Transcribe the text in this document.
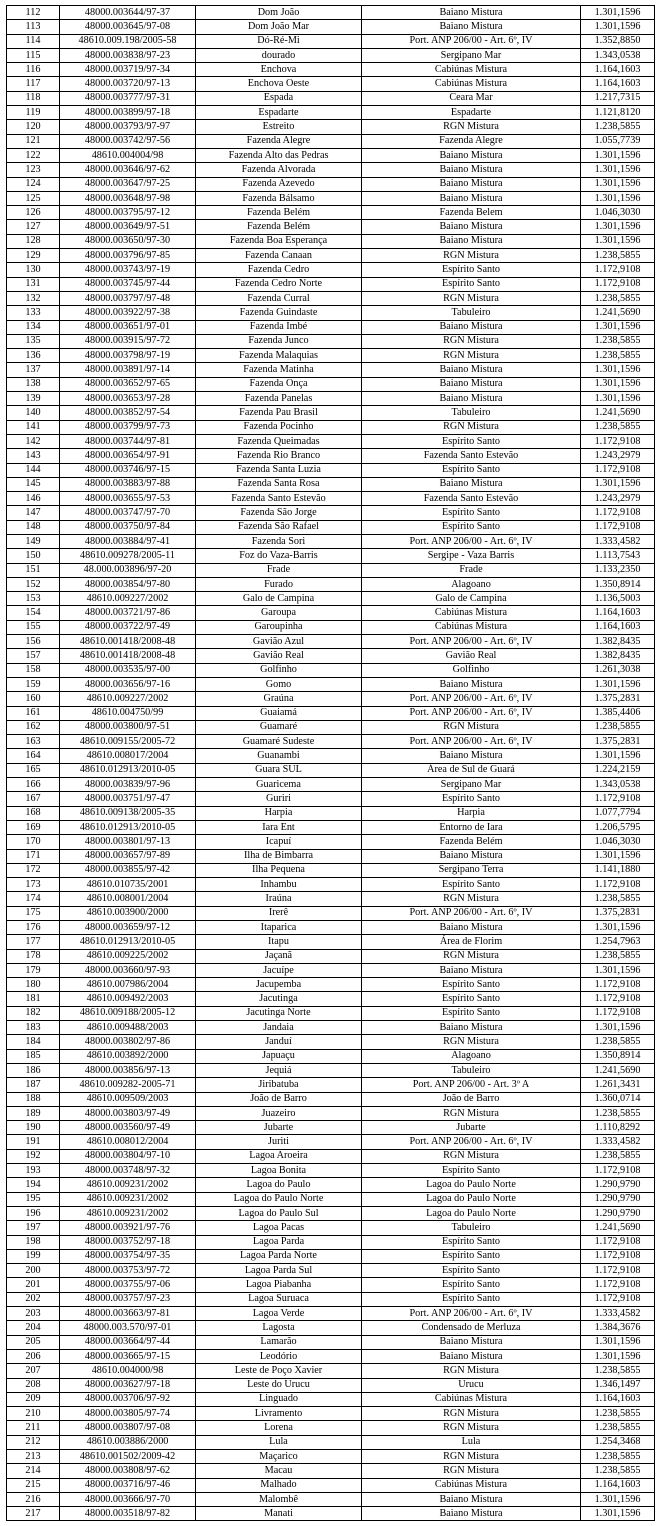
112	48000.003644/97-37	Dom João	Baiano Mistura	1.301,1596
113	48000.003645/97-08	Dom João Mar	Baiano Mistura	1.301,1596
114	48610.009.198/2005-58	Dó-Ré-Mi	Port. ANP 206/00 - Art. 6º, IV	1.352,8850
115	48000.003838/97-23	dourado	Sergipano Mar	1.343,0538
116	48000.003719/97-34	Enchova	Cabiúnas Mistura	1.164,1603
117	48000.003720/97-13	Enchova Oeste	Cabiúnas Mistura	1.164,1603
118	48000.003777/97-31	Espada	Ceara Mar	1.217,7315
119	48000.003899/97-18	Espadarte	Espadarte	1.121,8120
120	48000.003793/97-97	Estreito	RGN Mistura	1.238,5855
121	48000.003742/97-56	Fazenda Alegre	Fazenda Alegre	1.055,7739
122	48610.004004/98	Fazenda Alto das Pedras	Baiano Mistura	1.301,1596
123	48000.003646/97-62	Fazenda Alvorada	Baiano Mistura	1.301,1596
124	48000.003647/97-25	Fazenda Azevedo	Baiano Mistura	1.301,1596
125	48000.003648/97-98	Fazenda Bálsamo	Baiano Mistura	1.301,1596
126	48000.003795/97-12	Fazenda Belém	Fazenda Belem	1.046,3030
127	48000.003649/97-51	Fazenda Belém	Baiano Mistura	1.301,1596
128	48000.003650/97-30	Fazenda Boa Esperança	Baiano Mistura	1.301,1596
129	48000.003796/97-85	Fazenda Canaan	RGN Mistura	1.238,5855
130	48000.003743/97-19	Fazenda Cedro	Espírito Santo	1.172,9108
131	48000.003745/97-44	Fazenda Cedro Norte	Espírito Santo	1.172,9108
132	48000.003797/97-48	Fazenda Curral	RGN Mistura	1.238,5855
133	48000.003922/97-38	Fazenda Guindaste	Tabuleiro	1.241,5690
134	48000.003651/97-01	Fazenda Imbé	Baiano Mistura	1.301,1596
135	48000.003915/97-72	Fazenda Junco	RGN Mistura	1.238,5855
136	48000.003798/97-19	Fazenda Malaquias	RGN Mistura	1.238,5855
137	48000.003891/97-14	Fazenda Matinha	Baiano Mistura	1.301,1596
138	48000.003652/97-65	Fazenda Onça	Baiano Mistura	1.301,1596
139	48000.003653/97-28	Fazenda Panelas	Baiano Mistura	1.301,1596
140	48000.003852/97-54	Fazenda Pau Brasil	Tabuleiro	1.241,5690
141	48000.003799/97-73	Fazenda Pocinho	RGN Mistura	1.238,5855
142	48000.003744/97-81	Fazenda Queimadas	Espírito Santo	1.172,9108
143	48000.003654/97-91	Fazenda Rio Branco	Fazenda Santo Estevão	1.243,2979
144	48000.003746/97-15	Fazenda Santa Luzia	Espírito Santo	1.172,9108
145	48000.003883/97-88	Fazenda Santa Rosa	Baiano Mistura	1.301,1596
146	48000.003655/97-53	Fazenda Santo Estevão	Fazenda Santo Estevão	1.243,2979
147	48000.003747/97-70	Fazenda São Jorge	Espírito Santo	1.172,9108
148	48000.003750/97-84	Fazenda São Rafael	Espírito Santo	1.172,9108
149	48000.003884/97-41	Fazenda Sori	Port. ANP 206/00 - Art. 6º, IV	1.333,4582
150	48610.009278/2005-11	Foz do Vaza-Barris	Sergipe - Vaza Barris	1.113,7543
151	48.000.003896/97-20	Frade	Frade	1.133,2350
152	48000.003854/97-80	Furado	Alagoano	1.350,8914
153	48610.009227/2002	Galo de Campina	Galo de Campina	1.136,5003
154	48000.003721/97-86	Garoupa	Cabiúnas Mistura	1.164,1603
155	48000.003722/97-49	Garoupinha	Cabiúnas Mistura	1.164,1603
156	48610.001418/2008-48	Gavião Azul	Port. ANP 206/00 - Art. 6º, IV	1.382,8435
157	48610.001418/2008-48	Gavião Real	Gavião Real	1.382,8435
158	48000.003535/97-00	Golfinho	Golfinho	1.261,3038
159	48000.003656/97-16	Gomo	Baiano Mistura	1.301,1596
160	48610.009227/2002	Graúna	Port. ANP 206/00 - Art. 6º, IV	1.375,2831
161	48610.004750/99	Guaiamá	Port. ANP 206/00 - Art. 6º, IV	1.385,4406
162	48000.003800/97-51	Guamaré	RGN Mistura	1.238,5855
163	48610.009155/2005-72	Guamaré Sudeste	Port. ANP 206/00 - Art. 6º, IV	1.375,2831
164	48610.008017/2004	Guanambi	Baiano Mistura	1.301,1596
165	48610.012913/2010-05	Guara SUL	Área de Sul de Guará	1.224,2159
166	48000.003839/97-96	Guaricema	Sergipano Mar	1.343,0538
167	48000.003751/97-47	Guriri	Espírito Santo	1.172,9108
168	48610.009138/2005-35	Harpia	Harpia	1.077,7794
169	48610.012913/2010-05	Iara Ent	Entorno de Iara	1.206,5795
170	48000.003801/97-13	Icapuí	Fazenda Belém	1.046,3030
171	48000.003657/97-89	Ilha de Bimbarra	Baiano Mistura	1.301,1596
172	48000.003855/97-42	Ilha Pequena	Sergipano Terra	1.141,1880
173	48610.010735/2001	Inhambu	Espírito Santo	1.172,9108
174	48610.008001/2004	Iraúna	RGN Mistura	1.238,5855
175	48610.003900/2000	Irerê	Port. ANP 206/00 - Art. 6º, IV	1.375,2831
176	48000.003659/97-12	Itaparica	Baiano Mistura	1.301,1596
177	48610.012913/2010-05	Itapu	Área de Florim	1.254,7963
178	48610.009225/2002	Jaçanã	RGN Mistura	1.238,5855
179	48000.003660/97-93	Jacuípe	Baiano Mistura	1.301,1596
180	48610.007986/2004	Jacupemba	Espírito Santo	1.172,9108
181	48610.009492/2003	Jacutinga	Espírito Santo	1.172,9108
182	48610.009188/2005-12	Jacutinga Norte	Espírito Santo	1.172,9108
183	48610.009488/2003	Jandaia	Baiano Mistura	1.301,1596
184	48000.003802/97-86	Janduí	RGN Mistura	1.238,5855
185	48610.003892/2000	Japuaçu	Alagoano	1.350,8914
186	48000.003856/97-13	Jequiá	Tabuleiro	1.241,5690
187	48610.009282-2005-71	Jiribatuba	Port. ANP 206/00 - Art. 3º A	1.261,3431
188	48610.009509/2003	João de Barro	João de Barro	1.360,0714
189	48000.003803/97-49	Juazeiro	RGN Mistura	1.238,5855
190	48000.003560/97-49	Jubarte	Jubarte	1.110,8292
191	48610.008012/2004	Juriti	Port. ANP 206/00 - Art. 6º, IV	1.333,4582
192	48000.003804/97-10	Lagoa Aroeira	RGN Mistura	1.238,5855
193	48000.003748/97-32	Lagoa Bonita	Espírito Santo	1.172,9108
194	48610.009231/2002	Lagoa do Paulo	Lagoa do Paulo Norte	1.290,9790
195	48610.009231/2002	Lagoa do Paulo Norte	Lagoa do Paulo Norte	1.290,9790
196	48610.009231/2002	Lagoa do Paulo Sul	Lagoa do Paulo Norte	1.290,9790
197	48000.003921/97-76	Lagoa Pacas	Tabuleiro	1.241,5690
198	48000.003752/97-18	Lagoa Parda	Espírito Santo	1.172,9108
199	48000.003754/97-35	Lagoa Parda Norte	Espírito Santo	1.172,9108
200	48000.003753/97-72	Lagoa Parda Sul	Espírito Santo	1.172,9108
201	48000.003755/97-06	Lagoa Piabanha	Espírito Santo	1.172,9108
202	48000.003757/97-23	Lagoa Suruaca	Espírito Santo	1.172,9108
203	48000.003663/97-81	Lagoa Verde	Port. ANP 206/00 - Art. 6º, IV	1.333,4582
204	48000.003.570/97-01	Lagosta	Condensado de Merluza	1.384,3676
205	48000.003664/97-44	Lamarão	Baiano Mistura	1.301,1596
206	48000.003665/97-15	Leodório	Baiano Mistura	1.301,1596
207	48610.004000/98	Leste de Poço Xavier	RGN Mistura	1.238,5855
208	48000.003627/97-18	Leste do Urucu	Urucu	1.346,1497
209	48000.003706/97-92	Linguado	Cabiúnas Mistura	1.164,1603
210	48000.003805/97-74	Livramento	RGN Mistura	1.238,5855
211	48000.003807/97-08	Lorena	RGN Mistura	1.238,5855
212	48610.003886/2000	Lula	Lula	1.254,3468
213	48610.001502/2009-42	Maçarico	RGN Mistura	1.238,5855
214	48000.003808/97-62	Macau	RGN Mistura	1.238,5855
215	48000.003716/97-46	Malhado	Cabiúnas Mistura	1.164,1603
216	48000.003666/97-70	Malombê	Baiano Mistura	1.301,1596
217	48000.003518/97-82	Manati	Baiano Mistura	1.301,1596
